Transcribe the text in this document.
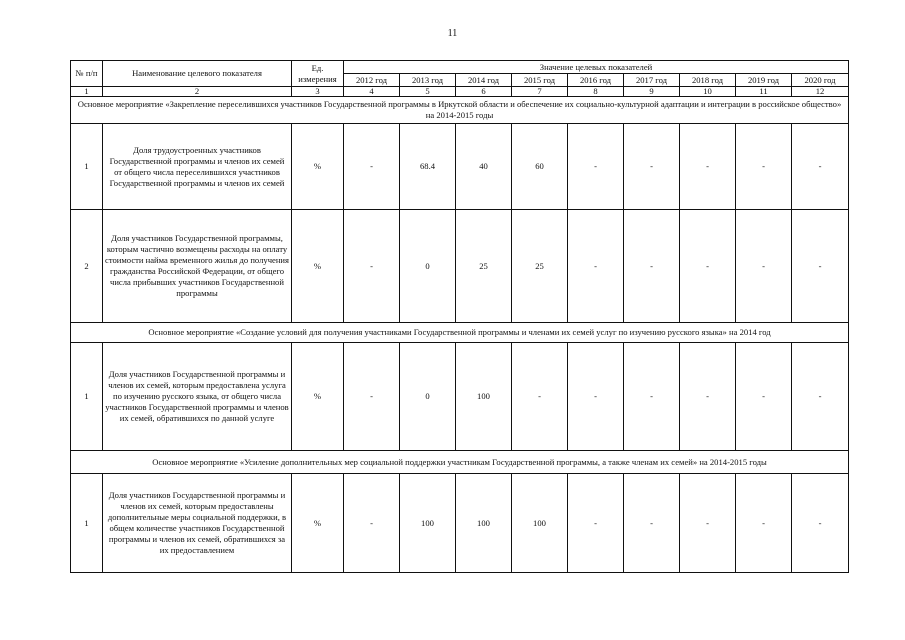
11
№ п/п	Наименование целевого показателя	Ед. измерения	Значение целевых показателей								
			2012 год	2013 год	2014 год	2015 год	2016 год	2017 год	2018 год	2019 год	2020 год
1	2	3	4	5	6	7	8	9	10	11	12
Основное мероприятие «Закрепление переселившихся участников Государственной программы в Иркутской области и обеспечение их социально-культурной адаптации и интеграции в российское общество» на 2014-2015 годы											
1	Доля трудоустроенных участников Государственной программы и членов их семей от общего числа переселившихся участников Государственной программы и членов их семей	%	-	68.4	40	60	-	-	-	-	-
2	Доля участников Государственной программы, которым частично возмещены расходы на оплату стоимости найма временного жилья до получения гражданства Российской Федерации, от общего числа прибывших участников Государственной программы	%	-	0	25	25	-	-	-	-	-
Основное мероприятие «Создание условий для получения участниками Государственной программы и членами их семей услуг по изучению русского языка» на 2014 год											
1	Доля участников Государственной программы и членов их семей, которым предоставлена услуга по изучению русского языка, от общего числа участников Государственной программы и членов их семей, обратившихся по данной услуге	%	-	0	100	-	-	-	-	-	-
Основное мероприятие «Усиление дополнительных мер социальной поддержки участникам Государственной программы, а также членам их семей» на 2014-2015 годы											
1	Доля участников Государственной программы и членов их семей, которым предоставлены дополнительные меры социальной поддержки, в общем количестве участников Государственной программы и членов их семей, обратившихся за их предоставлением	%	-	100	100	100	-	-	-	-	-
